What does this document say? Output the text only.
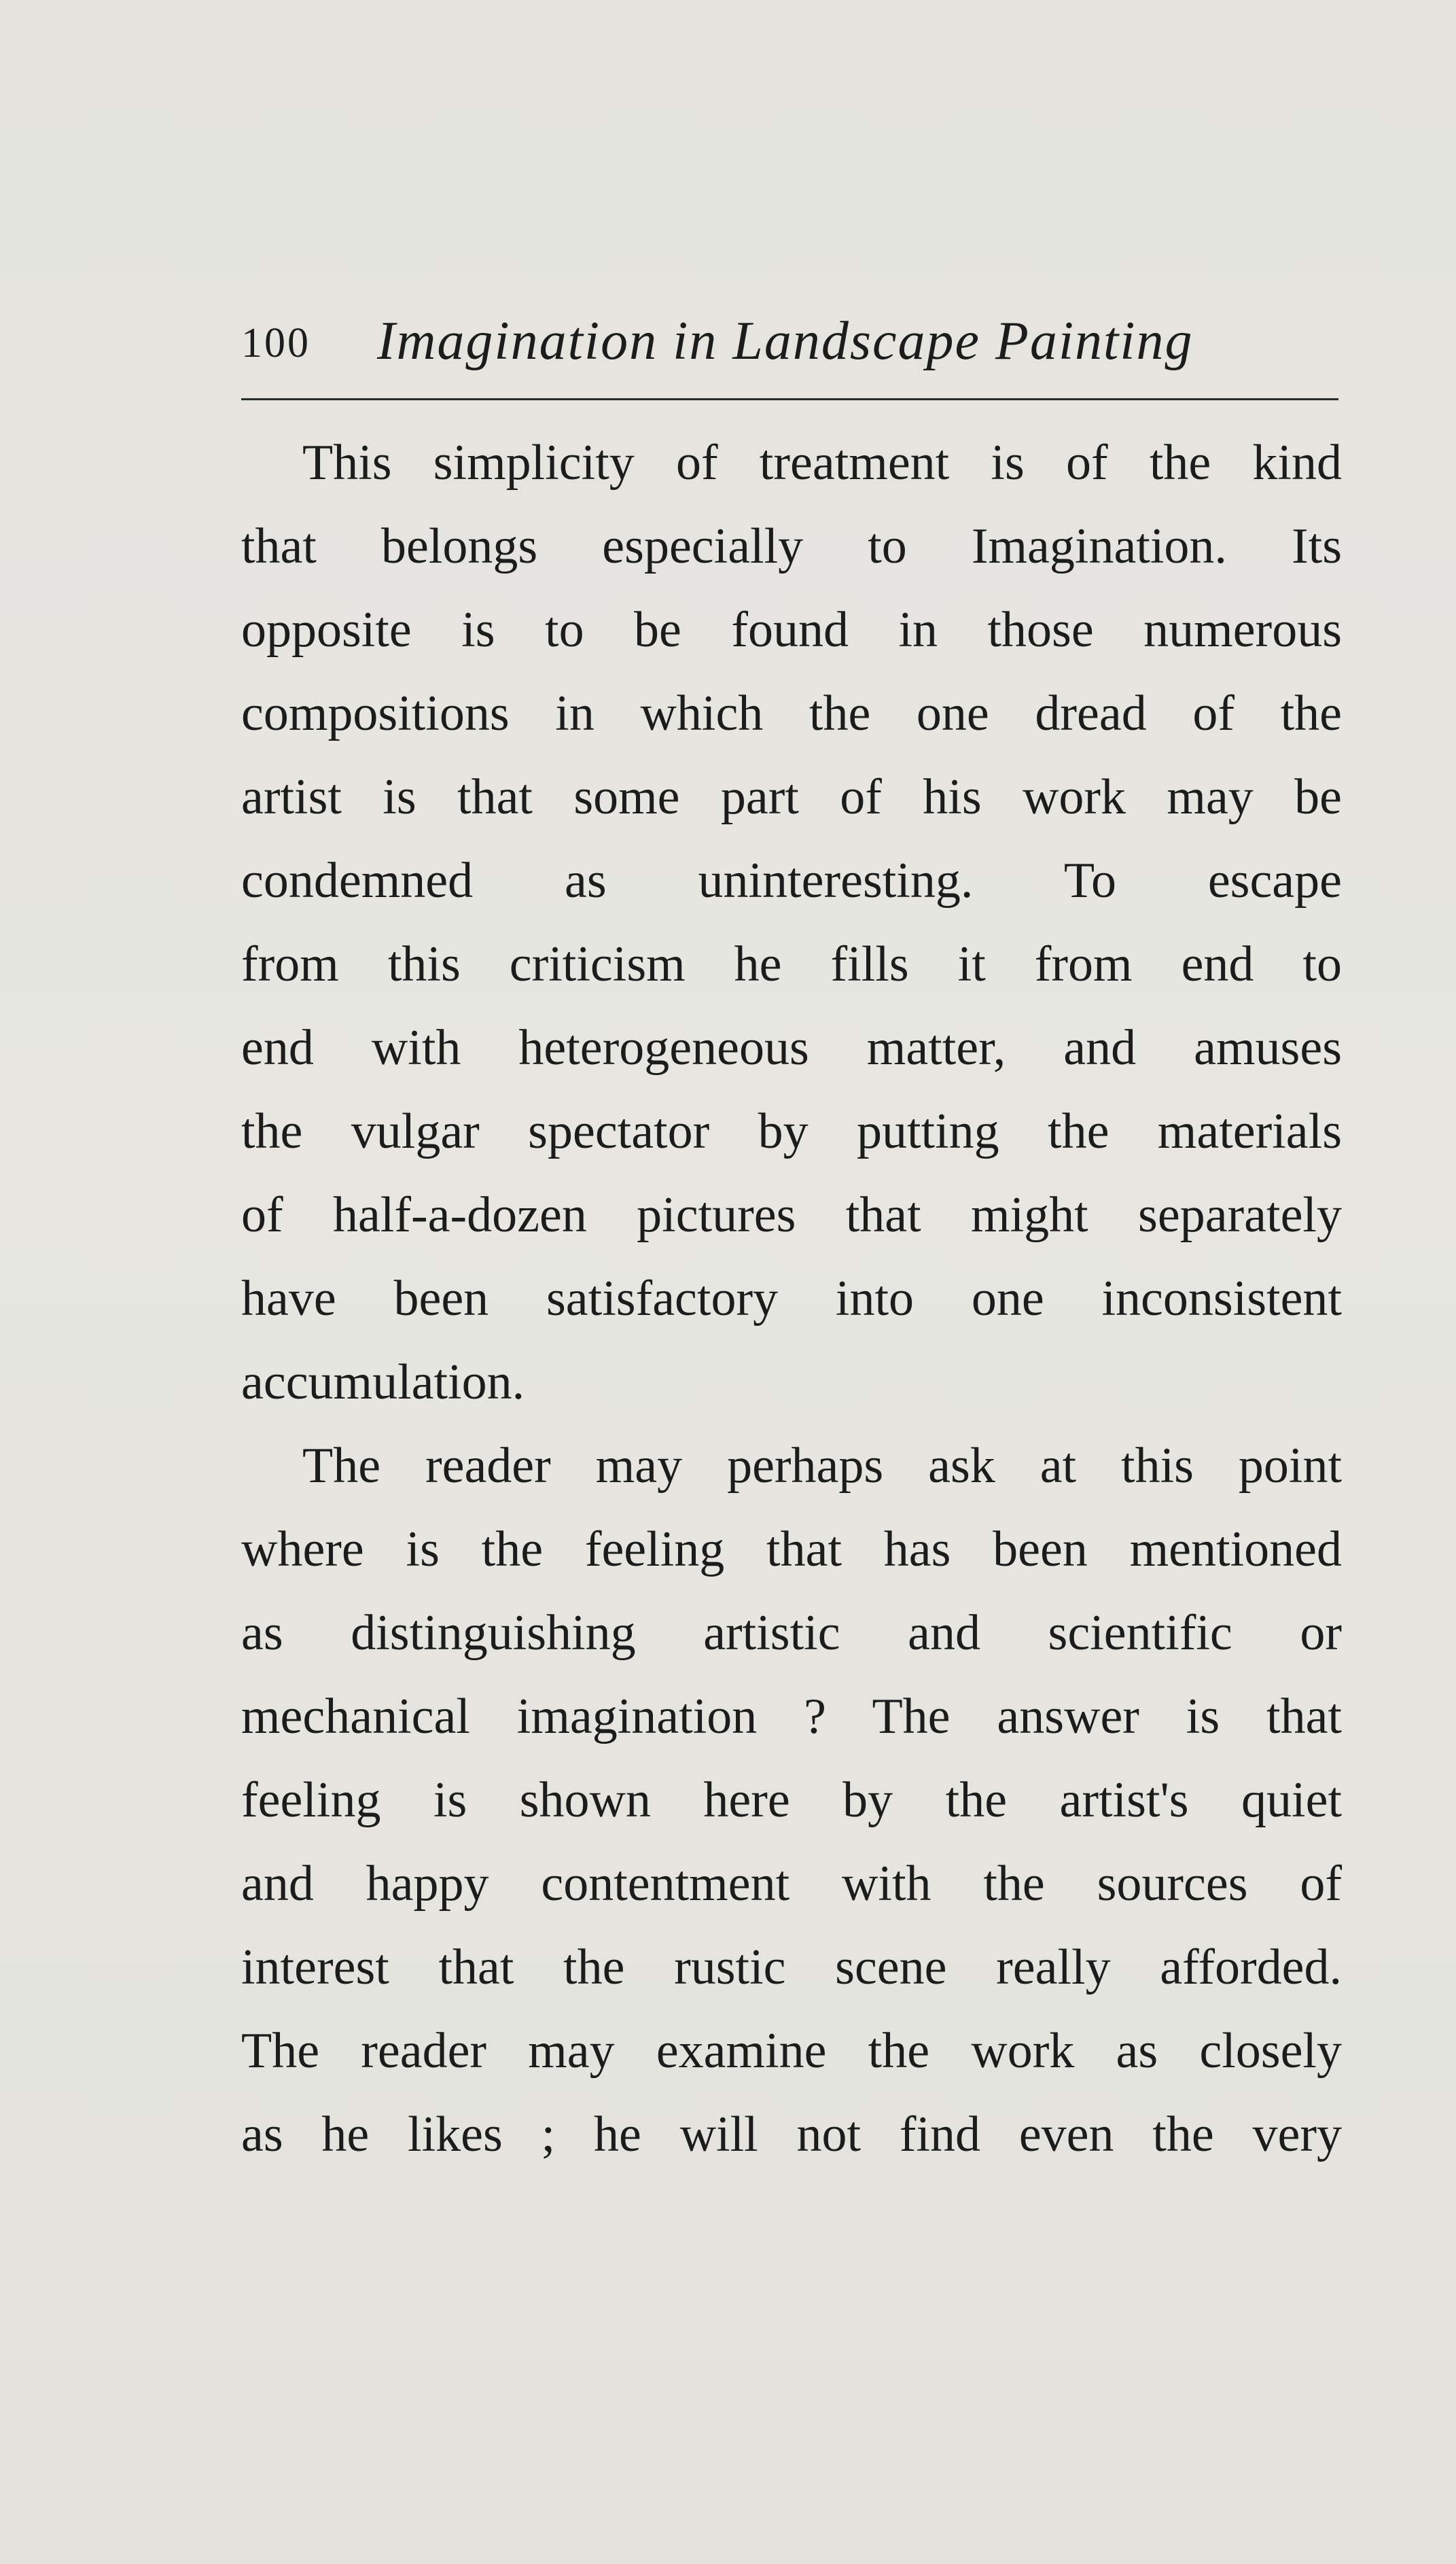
100 Imagination in Landscape Painting
This simplicity of treatment is of the kind
that belongs especially to Imagination. Its
opposite is to be found in those numerous
compositions in which the one dread of the
artist is that some part of his work may be
condemned as uninteresting. To escape
from this criticism he fills it from end to
end with heterogeneous matter, and amuses
the vulgar spectator by putting the materials
of half-a-dozen pictures that might separately
have been satisfactory into one inconsistent
accumulation.
The reader may perhaps ask at this point
where is the feeling that has been mentioned
as distinguishing artistic and scientific or
mechanical imagination ? The answer is that
feeling is shown here by the artist's quiet
and happy contentment with the sources of
interest that the rustic scene really afforded.
The reader may examine the work as closely
as he likes ; he will not find even the very
